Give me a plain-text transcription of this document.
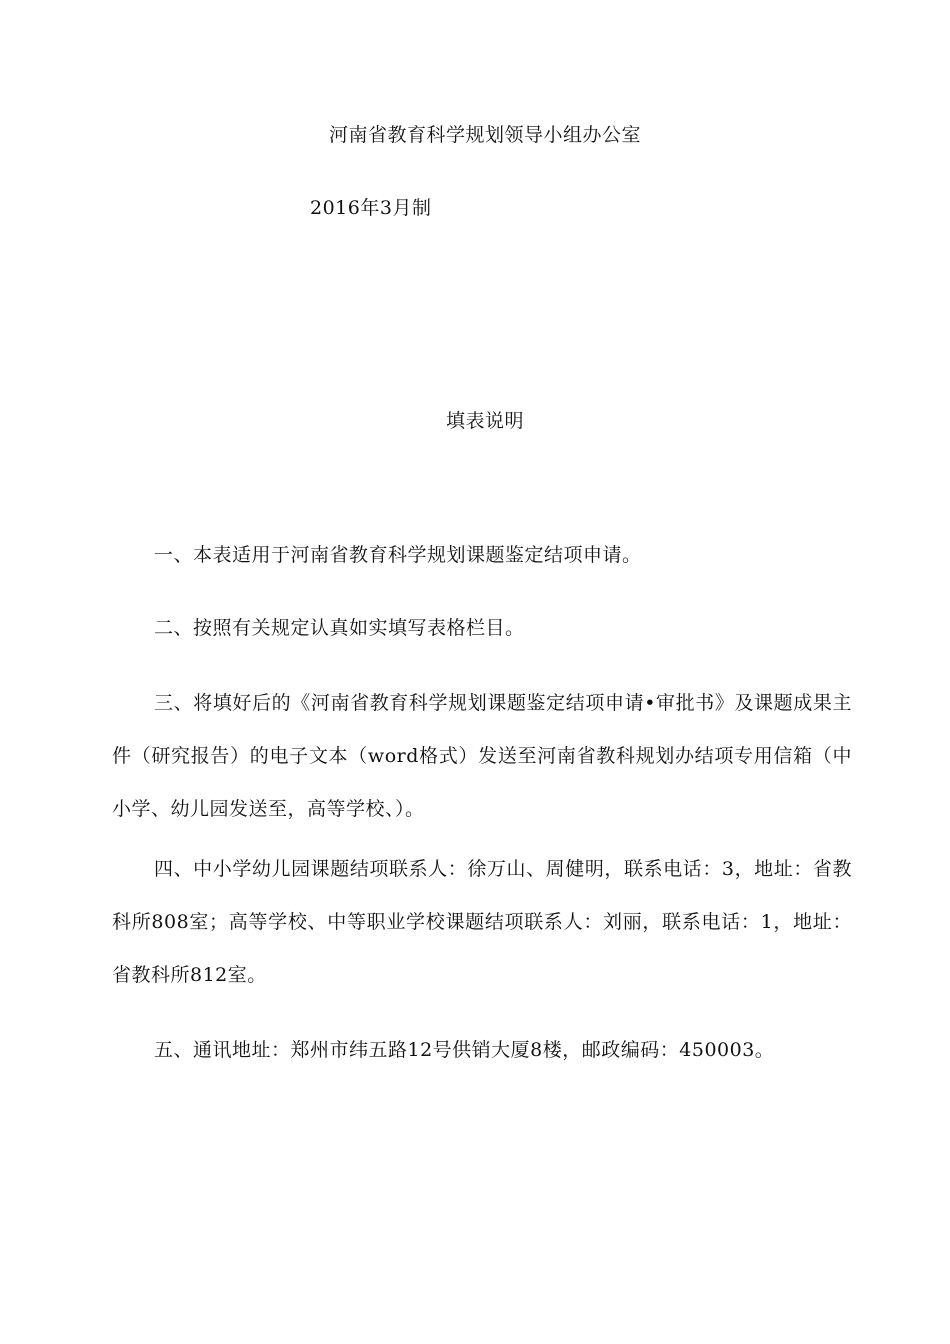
河南省教育科学规划领导小组办公室
2016年3月制
填表说明
一、本表适用于河南省教育科学规划课题鉴定结项申请。
二、按照有关规定认真如实填写表格栏目。
三、将填好后的《河南省教育科学规划课题鉴定结项申请•审批书》及课题成果主件（研究报告）的电子文本（word格式）发送至河南省教科规划办结项专用信箱（中小学、幼儿园发送至，高等学校、）。
四、中小学幼儿园课题结项联系人：徐万山、周健明，联系电话：3，地址：省教科所808室；高等学校、中等职业学校课题结项联系人：刘丽，联系电话：1，地址：省教科所812室。
五、通讯地址：郑州市纬五路12号供销大厦8楼，邮政编码：450003。
